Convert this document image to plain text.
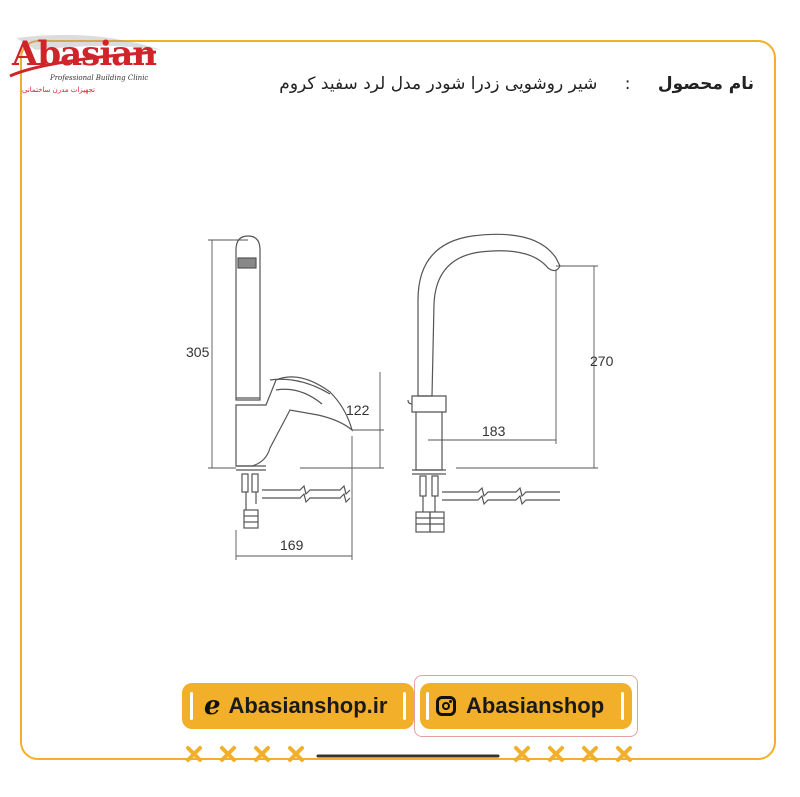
Abasian
Professional Building Clinic
تجهیزات مدرن ساختمانی	نام محصول : شیر روشویی زدرا شودر مدل لرد سفید کروم
305
122
169
270
183
e Abasianshop.ir	Abasianshop
